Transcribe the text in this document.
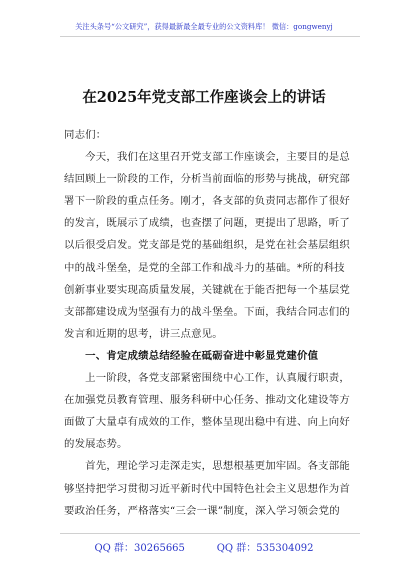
关注头条号“公文研究”，获得最新最全最专业的公文资料库！ 微信：gongwenyj
在2025年党支部工作座谈会上的讲话
同志们：
　　今天，我们在这里召开党支部工作座谈会，主要目的是总
结回顾上一阶段的工作，分析当前面临的形势与挑战，研究部
署下一阶段的重点任务。刚才，各支部的负责同志都作了很好
的发言，既展示了成绩，也查摆了问题，更提出了思路，听了
以后很受启发。党支部是党的基础组织，是党在社会基层组织
中的战斗堡垒，是党的全部工作和战斗力的基础。*所的科技
创新事业要实现高质量发展，关键就在于能否把每一个基层党
支部都建设成为坚强有力的战斗堡垒。下面，我结合同志们的
发言和近期的思考，讲三点意见。
　　一、肯定成绩总结经验在砥砺奋进中彰显党建价值
　　上一阶段，各党支部紧密围绕中心工作，认真履行职责，
在加强党员教育管理、服务科研中心任务、推动文化建设等方
面做了大量卓有成效的工作，整体呈现出稳中有进、向上向好
的发展态势。
　　首先，理论学习走深走实，思想根基更加牢固。各支部能
够坚持把学习贯彻习近平新时代中国特色社会主义思想作为首
要政治任务，严格落实“三会一课”制度，深入学习领会党的
QQ 群：30265665          QQ 群：535304092
